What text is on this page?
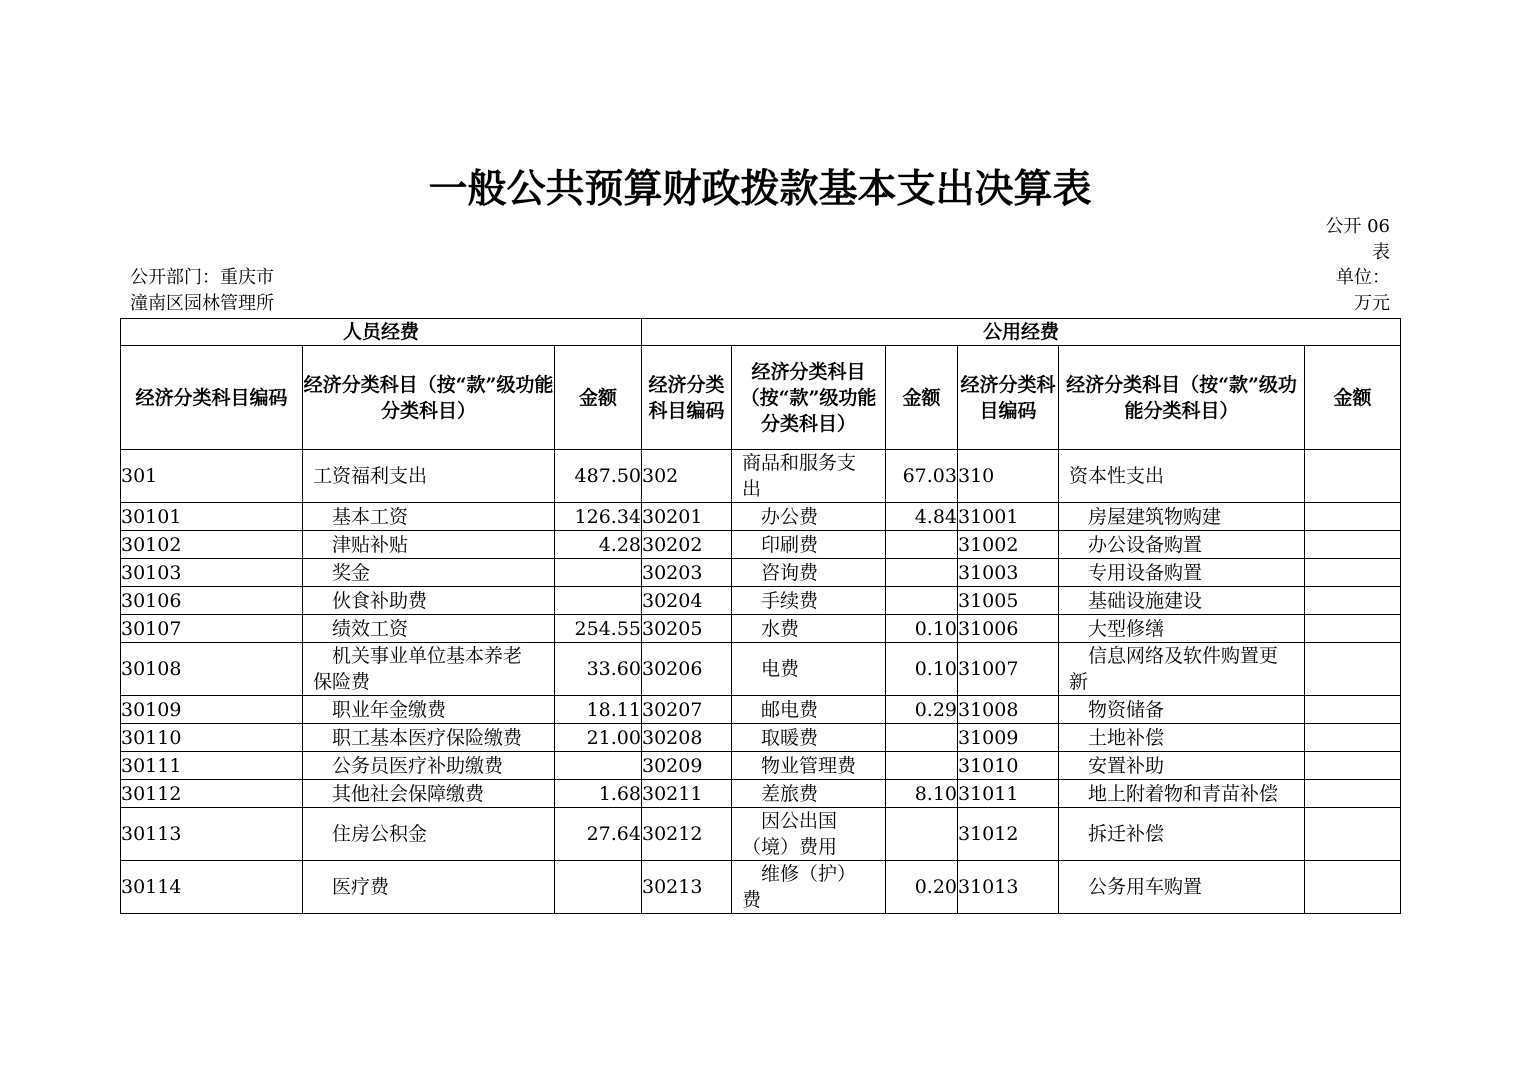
一般公共预算财政拨款基本支出决算表
公开 06 表
公开部门：重庆市潼南区园林管理所
单位：万元
人员经费			公用经费					
经济分类科目编码	经济分类科目（按“款”级功能分类科目）	金额	经济分类科目编码	经济分类科目（按“款”级功能分类科目）	金额	经济分类科目编码	经济分类科目（按“款”级功能分类科目）	金额
301	工资福利支出	487.50	302	商品和服务支出	67.03	310	资本性支出	
30101	基本工资	126.34	30201	办公费	4.84	31001	房屋建筑物购建	
30102	津贴补贴	4.28	30202	印刷费		31002	办公设备购置	
30103	奖金		30203	咨询费		31003	专用设备购置	
30106	伙食补助费		30204	手续费		31005	基础设施建设	
30107	绩效工资	254.55	30205	水费	0.10	31006	大型修缮	
30108	机关事业单位基本养老保险费	33.60	30206	电费	0.10	31007	信息网络及软件购置更新	
30109	职业年金缴费	18.11	30207	邮电费	0.29	31008	物资储备	
30110	职工基本医疗保险缴费	21.00	30208	取暖费		31009	土地补偿	
30111	公务员医疗补助缴费		30209	物业管理费		31010	安置补助	
30112	其他社会保障缴费	1.68	30211	差旅费	8.10	31011	地上附着物和青苗补偿	
30113	住房公积金	27.64	30212	因公出国（境）费用		31012	拆迁补偿	
30114	医疗费		30213	维修（护）费	0.20	31013	公务用车购置	
